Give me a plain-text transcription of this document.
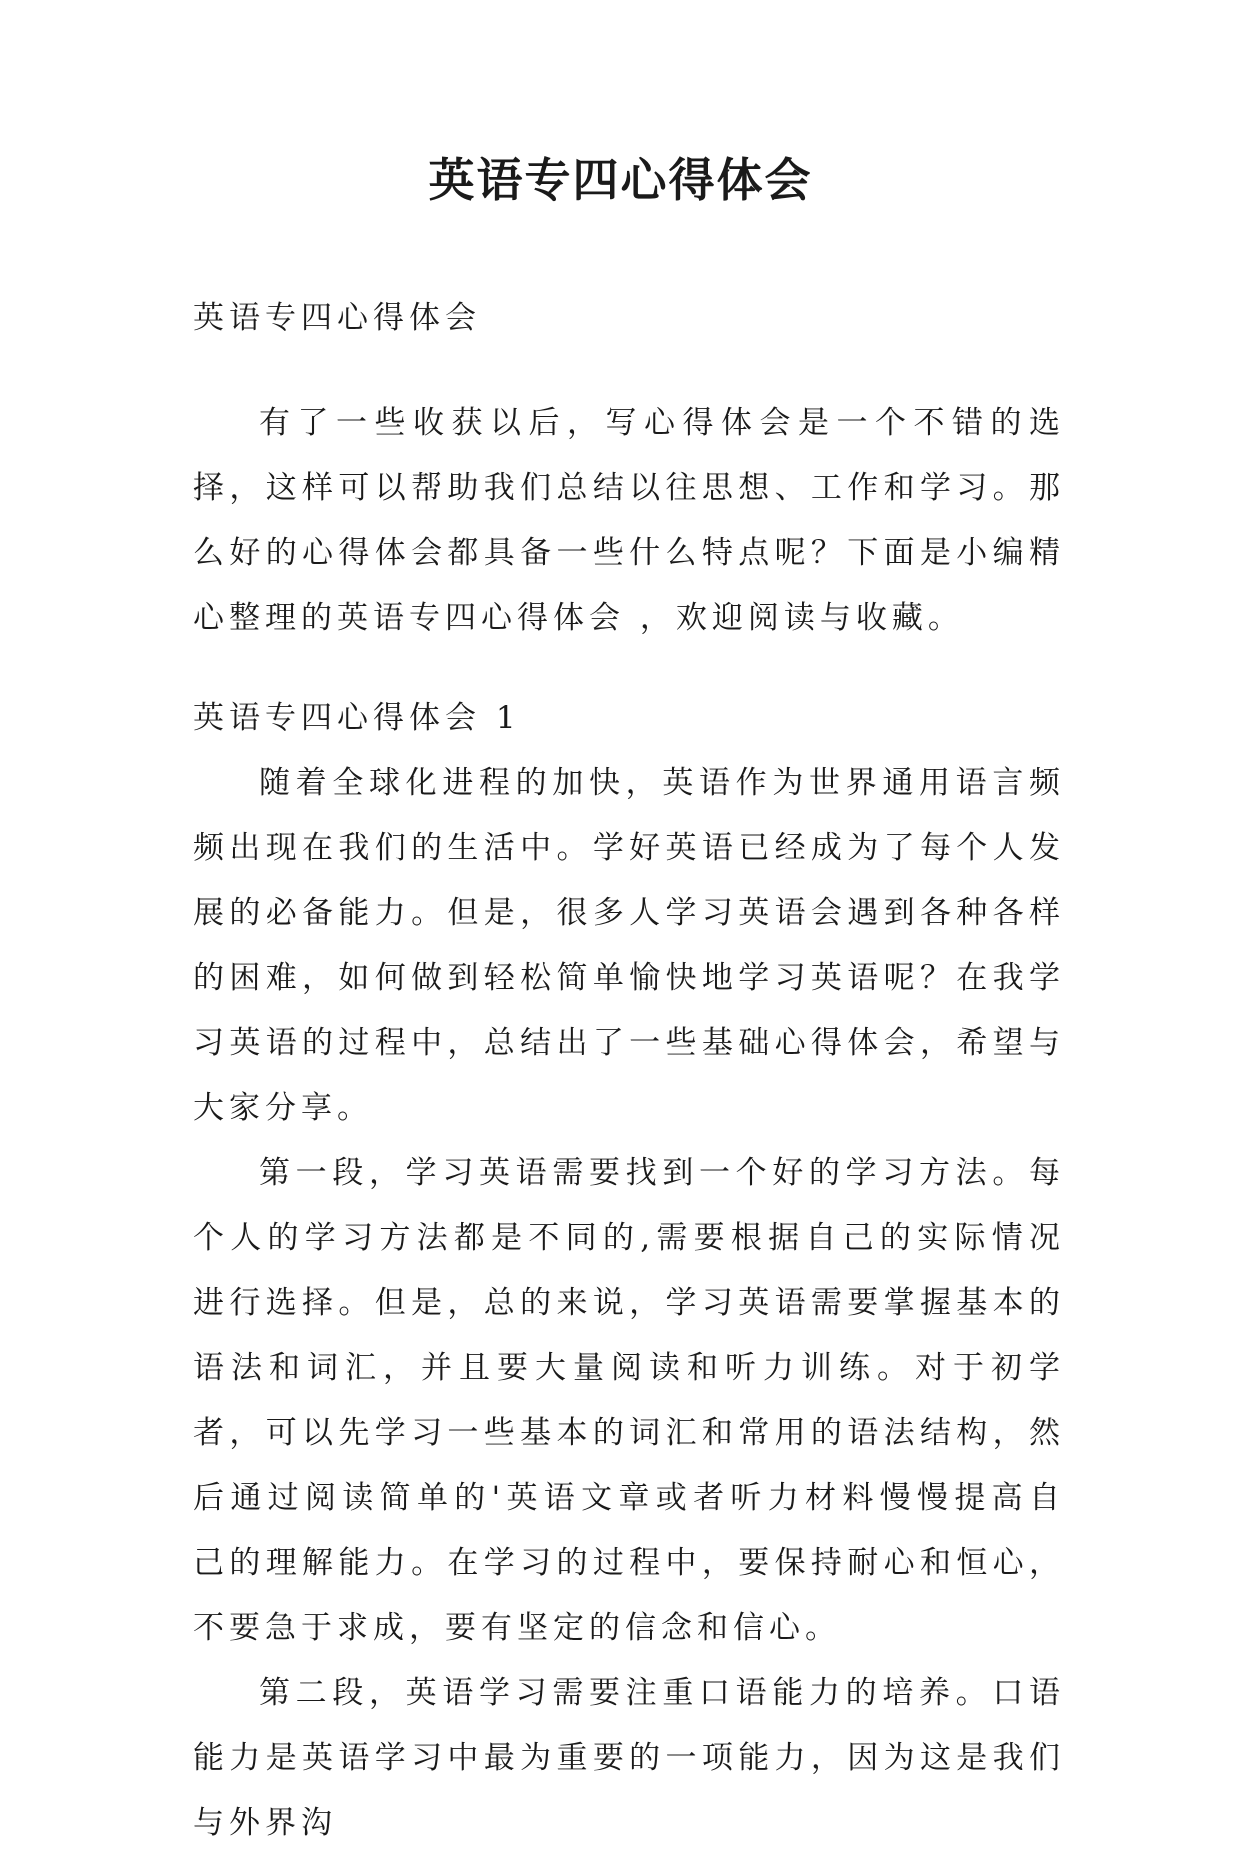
英语专四心得体会

英语专四心得体会

有了一些收获以后，写心得体会是一个不错的选择，这样可以帮助我们总结以往思想、工作和学习。那么好的心得体会都具备一些什么特点呢？下面是小编精心整理的英语专四心得体会 ，欢迎阅读与收藏。

英语专四心得体会 1

随着全球化进程的加快，英语作为世界通用语言频频出现在我们的生活中。学好英语已经成为了每个人发展的必备能力。但是，很多人学习英语会遇到各种各样的困难，如何做到轻松简单愉快地学习英语呢？在我学习英语的过程中，总结出了一些基础心得体会，希望与大家分享。

第一段，学习英语需要找到一个好的学习方法。每个人的学习方法都是不同的,需要根据自己的实际情况进行选择。但是，总的来说，学习英语需要掌握基本的语法和词汇，并且要大量阅读和听力训练。对于初学者，可以先学习一些基本的词汇和常用的语法结构，然后通过阅读简单的'英语文章或者听力材料慢慢提高自己的理解能力。在学习的过程中，要保持耐心和恒心，不要急于求成，要有坚定的信念和信心。

第二段，英语学习需要注重口语能力的培养。口语能力是英语学习中最为重要的一项能力，因为这是我们与外界沟
